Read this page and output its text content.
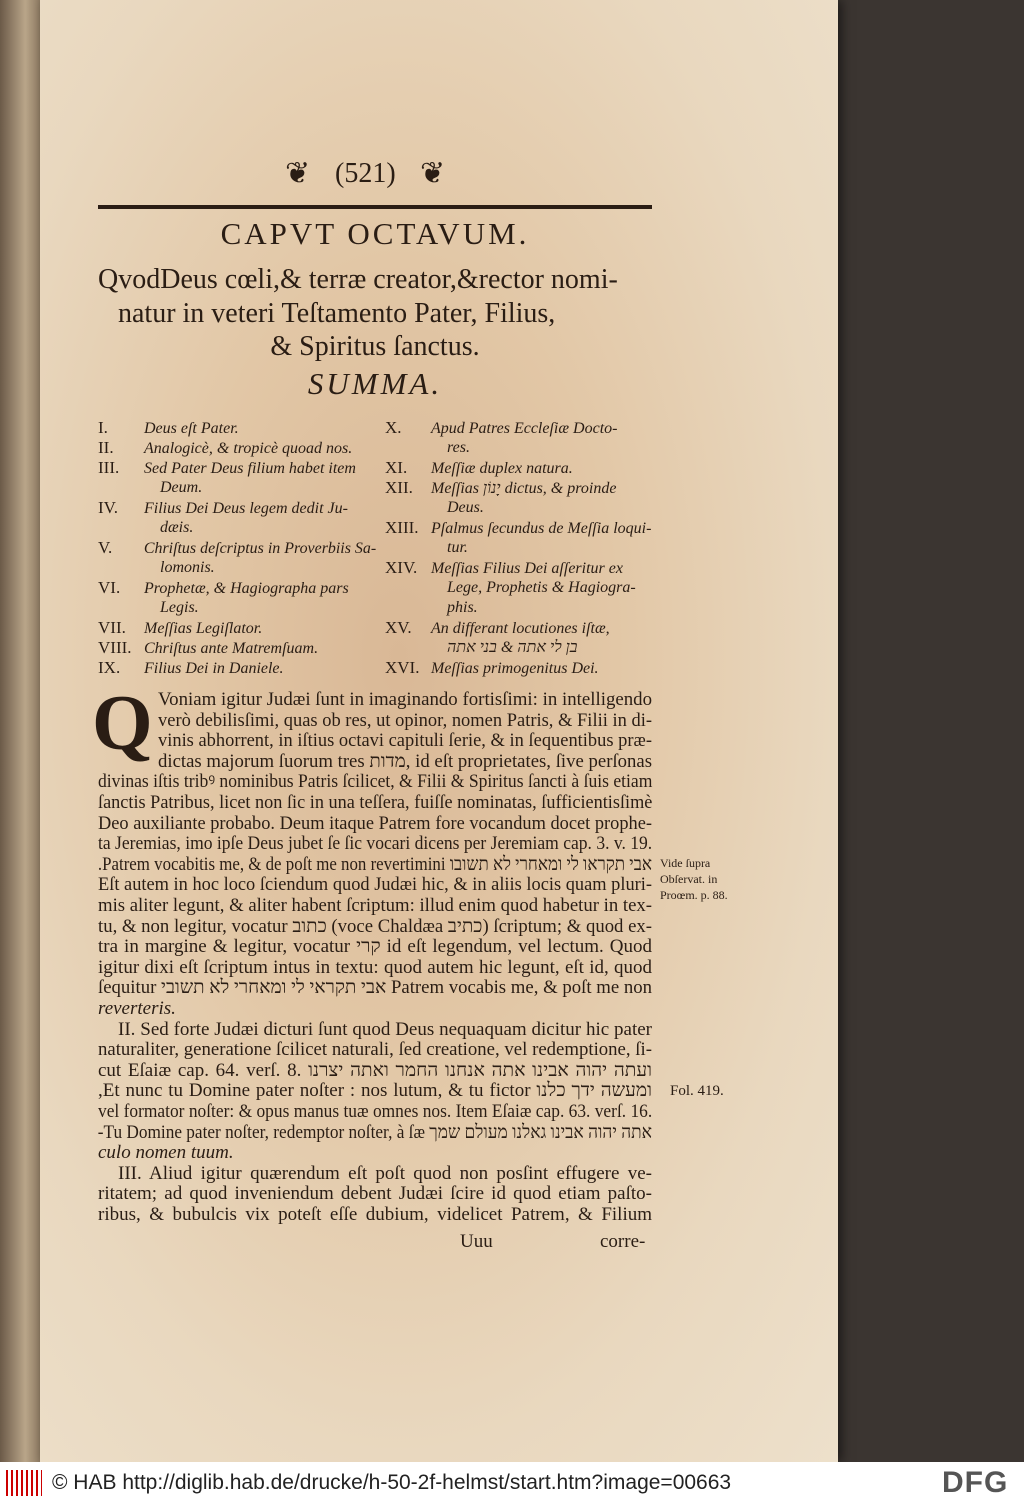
❦ (521) ❦
CAPVT OCTAVUM.
QvodDeus cœli,& terræ creator,&rector nomi-
natur in veteri Teſtamento Pater, Filius,
& Spiritus ſanctus.
SUMMA.
I. Deus eſt Pater.
II. Analogicè, & tropicè quoad nos.
III. Sed Pater Deus filium habet item
Deum.
IV. Filius Dei Deus legem dedit Ju-
dæis.
V. Chriſtus deſcriptus in Proverbiis Sa-
lomonis.
VI. Prophetæ, & Hagiographa pars
Legis.
VII. Meſſias Legiſlator.
VIII. Chriſtus ante Matremſuam.
IX. Filius Dei in Daniele.
X. Apud Patres Eccleſiæ Docto-
res.
XI. Meſſiæ duplex natura.
XII. Meſſias יָנוֹן dictus, & proinde
Deus.
XIII. Pſalmus ſecundus de Meſſia loqui-
tur.
XIV. Meſſias Filius Dei aſſeritur ex
Lege, Prophetis & Hagiogra-
phis.
XV. An differant locutiones iſtæ,
בן לי אתה & בני אתה
XVI. Meſſias primogenitus Dei.
Q Voniam igitur Judæi ſunt in imaginando fortisſimi: in intelligendo
verò debilisſimi, quas ob res, ut opinor, nomen Patris, & Filii in di-
vinis abhorrent, in iſtius octavi capituli ſerie, & in ſequentibus præ-
dictas majorum ſuorum tres מדות, id eſt proprietates, ſive perſonas
divinas iſtis tribꝰ nominibus Patris ſcilicet, & Filii & Spiritus ſancti à ſuis etiam
ſanctis Patribus, licet non ſic in una teſſera, fuiſſe nominatas, ſufficientisſimè
Deo auxiliante probabo. Deum itaque Patrem fore vocandum docet prophe-
ta Jeremias, imo ipſe Deus jubet ſe ſic vocari dicens per Jeremiam cap. 3. v. 19.
אבי תקראו לי ומאחרי לא תשובו Patrem vocabitis me, & de poſt me non revertimini.
Eſt autem in hoc loco ſciendum quod Judæi hic, & in aliis locis quam pluri-
mis aliter legunt, & aliter habent ſcriptum: illud enim quod habetur in tex-
tu, & non legitur, vocatur כתוב (voce Chaldæa כתיב) ſcriptum; & quod ex-
tra in margine & legitur, vocatur קרי id eſt legendum, vel lectum. Quod
igitur dixi eſt ſcriptum intus in textu: quod autem hic legunt, eſt id, quod
ſequitur אבי תקראי לי ומאחרי לא תשובי Patrem vocabis me, & poſt me non
reverteris.
II. Sed forte Judæi dicturi ſunt quod Deus nequaquam dicitur hic pater
naturaliter, generatione ſcilicet naturali, ſed creatione, vel redemptione, ſi-
cut Eſaiæ cap. 64. verſ. 8. ועתה יהוה אבינו אתה אנחנו החמר ואתה יצרנו
ומעשה ידך כלנו Et nunc tu Domine pater noſter : nos lutum, & tu fictor,
vel formator noſter: & opus manus tuæ omnes nos. Item Eſaiæ cap. 63. verſ. 16.
אתה יהוה אבינו גאלנו מעולם שמך Tu Domine pater noſter, redemptor noſter, à ſæ-
culo nomen tuum.
III. Aliud igitur quærendum eſt poſt quod non posſint effugere ve-
ritatem; ad quod inveniendum debent Judæi ſcire id quod etiam paſto-
ribus, & bubulcis vix poteſt eſſe dubium, videlicet Patrem, & Filium
Vide ſupra
Obſervat. in
Proœm. p. 88.
Fol. 419.
Uuu	corre-
© HAB http://diglib.hab.de/drucke/h-50-2f-helmst/start.htm?image=00663	DFG
